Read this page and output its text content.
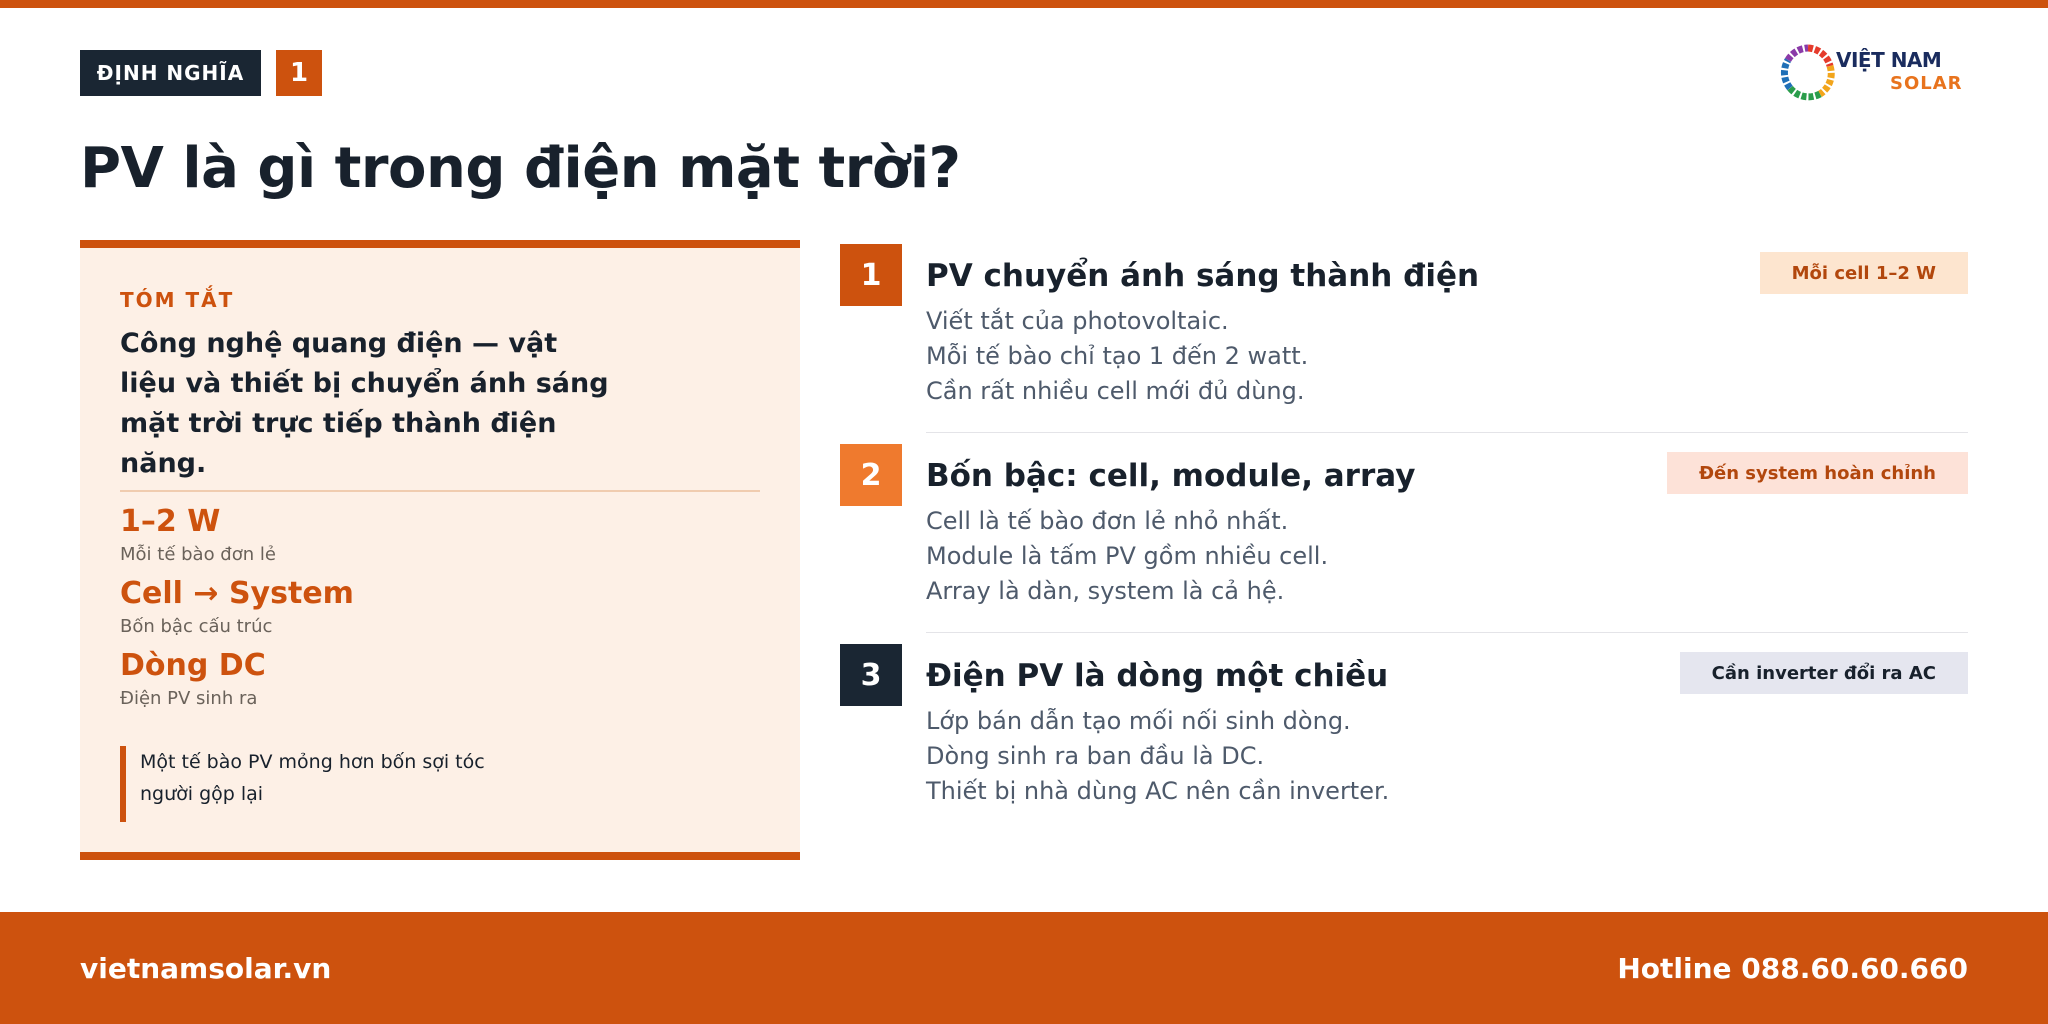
ĐỊNH NGHĨA	1	VIỆT NAM
SOLAR
PV là gì trong điện mặt trời?
TÓM TẮT
Công nghệ quang điện — vật liệu và thiết bị chuyển ánh sáng mặt trời trực tiếp thành điện năng.
1–2 W
Mỗi tế bào đơn lẻ
Cell → System
Bốn bậc cấu trúc
Dòng DC
Điện PV sinh ra
Một tế bào PV mỏng hơn bốn sợi tóc người gộp lại
1	PV chuyển ánh sáng thành điện
Viết tắt của photovoltaic.
Mỗi tế bào chỉ tạo 1 đến 2 watt.
Cần rất nhiều cell mới đủ dùng.
Mỗi cell 1–2 W
2	Bốn bậc: cell, module, array
Cell là tế bào đơn lẻ nhỏ nhất.
Module là tấm PV gồm nhiều cell.
Array là dàn, system là cả hệ.
Đến system hoàn chỉnh
3	Điện PV là dòng một chiều
Lớp bán dẫn tạo mối nối sinh dòng.
Dòng sinh ra ban đầu là DC.
Thiết bị nhà dùng AC nên cần inverter.
Cần inverter đổi ra AC
vietnamsolar.vn	Hotline 088.60.60.660
